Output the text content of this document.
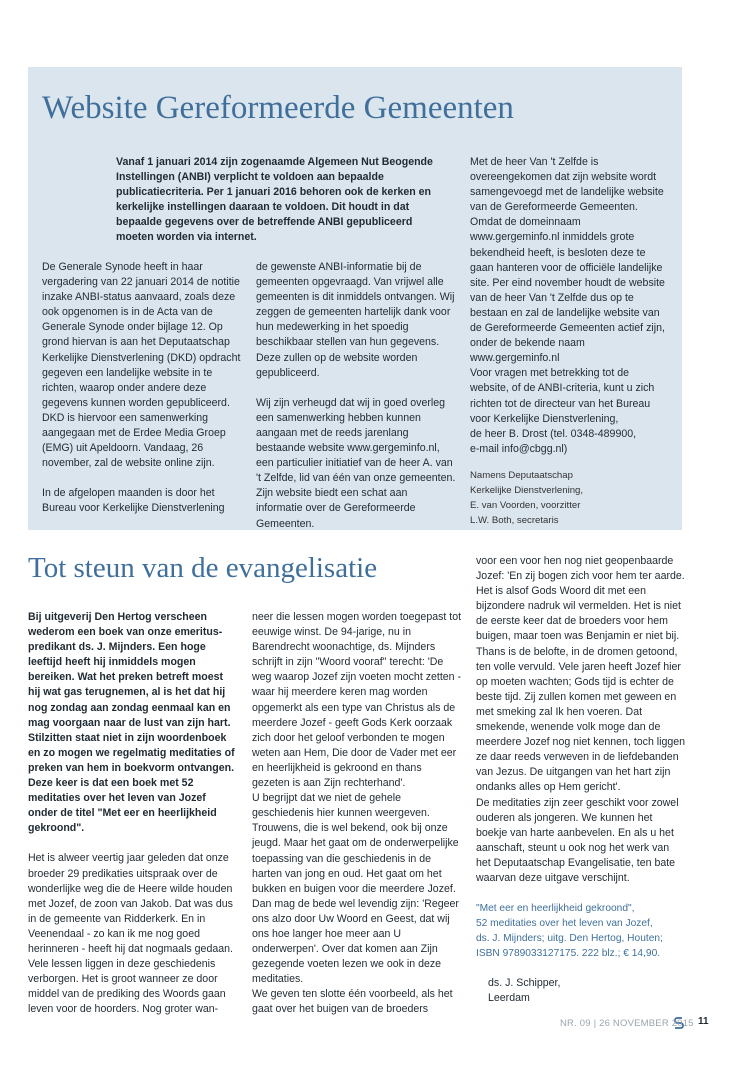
Website Gereformeerde Gemeenten
Vanaf 1 januari 2014 zijn zogenaamde Algemeen Nut Beogende Instellingen (ANBI) verplicht te voldoen aan bepaalde publicatiecriteria. Per 1 januari 2016 behoren ook de kerken en kerkelijke instellingen daaraan te voldoen. Dit houdt in dat bepaalde gegevens over de betreffende ANBI gepubliceerd moeten worden via internet.

De Generale Synode heeft in haar vergadering van 22 januari 2014 de notitie inzake ANBI-status aanvaard, zoals deze ook opgenomen is in de Acta van de Generale Synode onder bijlage 12. Op grond hiervan is aan het Deputaatschap Kerkelijke Dienstverlening (DKD) opdracht gegeven een landelijke website in te richten, waarop onder andere deze gegevens kunnen worden gepubliceerd. DKD is hiervoor een samenwerking aangegaan met de Erdee Media Groep (EMG) uit Apeldoorn. Vandaag, 26 november, zal de website online zijn.

In de afgelopen maanden is door het Bureau voor Kerkelijke Dienstverlening

de gewenste ANBI-informatie bij de gemeenten opgevraagd. Van vrijwel alle gemeenten is dit inmiddels ontvangen. Wij zeggen de gemeenten hartelijk dank voor hun medewerking in het spoedig beschikbaar stellen van hun gegevens. Deze zullen op de website worden gepubliceerd.

Wij zijn verheugd dat wij in goed overleg een samenwerking hebben kunnen aangaan met de reeds jarenlang bestaande website www.gergeminfo.nl, een particulier initiatief van de heer A. van 't Zelfde, lid van één van onze gemeenten. Zijn website biedt een schat aan informatie over de Gereformeerde Gemeenten.

Met de heer Van 't Zelfde is overeengekomen dat zijn website wordt samengevoegd met de landelijke website van de Gereformeerde Gemeenten. Omdat de domeinnaam www.gergeminfo.nl inmiddels grote bekendheid heeft, is besloten deze te gaan hanteren voor de officiële landelijke site. Per eind november houdt de website van de heer Van 't Zelfde dus op te bestaan en zal de landelijke website van de Gereformeerde Gemeenten actief zijn, onder de bekende naam www.gergeminfo.nl
Voor vragen met betrekking tot de website, of de ANBI-criteria, kunt u zich richten tot de directeur van het Bureau voor Kerkelijke Dienstverlening,
de heer B. Drost (tel. 0348-489900,
e-mail info@cbgg.nl)

Namens Deputaatschap
Kerkelijke Dienstverlening,
E. van Voorden, voorzitter
L.W. Both, secretaris

Tot steun van de evangelisatie

Bij uitgeverij Den Hertog verscheen wederom een boek van onze emeritus-predikant ds. J. Mijnders. Een hoge leeftijd heeft hij inmiddels mogen bereiken. Wat het preken betreft moest hij wat gas terugnemen, al is het dat hij nog zondag aan zondag eenmaal kan en mag voorgaan naar de lust van zijn hart. Stilzitten staat niet in zijn woordenboek en zo mogen we regelmatig meditaties of preken van hem in boekvorm ontvangen. Deze keer is dat een boek met 52 meditaties over het leven van Jozef onder de titel "Met eer en heerlijkheid gekroond".

Het is alweer veertig jaar geleden dat onze broeder 29 predikaties uitspraak over de wonderlijke weg die de Heere wilde houden met Jozef, de zoon van Jakob. Dat was dus in de gemeente van Ridderkerk. En in Veenendaal - zo kan ik me nog goed herinneren - heeft hij dat nogmaals gedaan. Vele lessen liggen in deze geschiedenis verborgen. Het is groot wanneer ze door middel van de prediking des Woords gaan leven voor de hoorders. Nog groter wan-

neer die lessen mogen worden toegepast tot eeuwige winst. De 94-jarige, nu in Barendrecht woonachtige, ds. Mijnders schrijft in zijn "Woord vooraf" terecht: 'De weg waarop Jozef zijn voeten mocht zetten - waar hij meerdere keren mag worden opgemerkt als een type van Christus als de meerdere Jozef - geeft Gods Kerk oorzaak zich door het geloof verbonden te mogen weten aan Hem, Die door de Vader met eer en heerlijkheid is gekroond en thans gezeten is aan Zijn rechterhand'.
U begrijpt dat we niet de gehele geschiedenis hier kunnen weergeven. Trouwens, die is wel bekend, ook bij onze jeugd. Maar het gaat om de onderwerpelijke toepassing van die geschiedenis in de harten van jong en oud. Het gaat om het bukken en buigen voor die meerdere Jozef. Dan mag de bede wel levendig zijn: 'Regeer ons alzo door Uw Woord en Geest, dat wij ons hoe langer hoe meer aan U onderwerpen'. Over dat komen aan Zijn gezegende voeten lezen we ook in deze meditaties.
We geven ten slotte één voorbeeld, als het gaat over het buigen van de broeders

voor een voor hen nog niet geopenbaarde Jozef: 'En zij bogen zich voor hem ter aarde. Het is alsof Gods Woord dit met een bijzondere nadruk wil vermelden. Het is niet de eerste keer dat de broeders voor hem buigen, maar toen was Benjamin er niet bij. Thans is de belofte, in de dromen getoond, ten volle vervuld. Vele jaren heeft Jozef hier op moeten wachten; Gods tijd is echter de beste tijd. Zij zullen komen met geween en met smeking zal Ik hen voeren. Dat smekende, wenende volk moge dan de meerdere Jozef nog niet kennen, toch liggen ze daar reeds verweven in de liefdebanden van Jezus. De uitgangen van het hart zijn ondanks alles op Hem gericht'.
De meditaties zijn zeer geschikt voor zowel ouderen als jongeren. We kunnen het boekje van harte aanbevelen. En als u het aanschaft, steunt u ook nog het werk van het Deputaatschap Evangelisatie, ten bate waarvan deze uitgave verschijnt.

"Met eer en heerlijkheid gekroond",
52 meditaties over het leven van Jozef,
ds. J. Mijnders; uitg. Den Hertog, Houten;
ISBN 9789033127175. 222 blz.; € 14,90.

ds. J. Schipper,
Leerdam

NR. 09 | 26 NOVEMBER 2015 11
